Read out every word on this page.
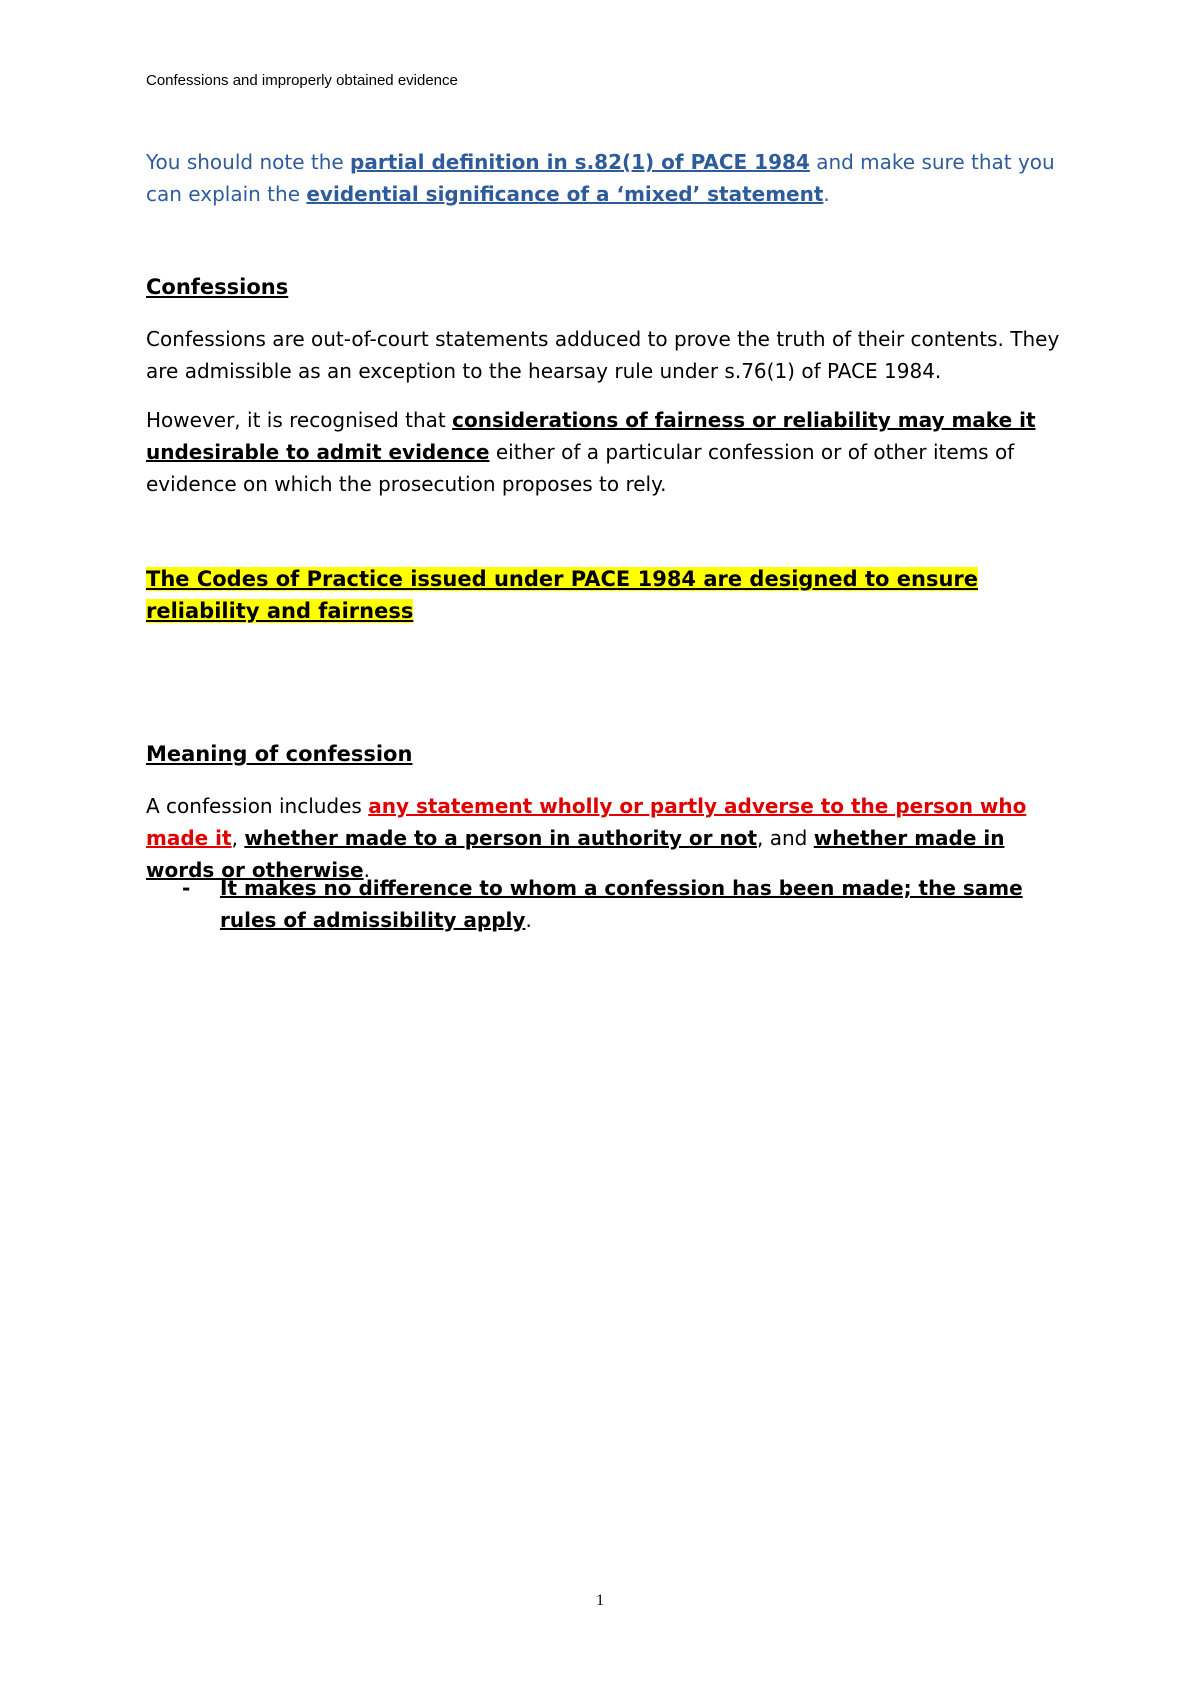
Confessions and improperly obtained evidence

You should note the partial definition in s.82(1) of PACE 1984 and make sure that you can explain the evidential significance of a ‘mixed’ statement.

Confessions

Confessions are out-of-court statements adduced to prove the truth of their contents. They are admissible as an exception to the hearsay rule under s.76(1) of PACE 1984.

However, it is recognised that considerations of fairness or reliability may make it undesirable to admit evidence either of a particular confession or of other items of evidence on which the prosecution proposes to rely.

The Codes of Practice issued under PACE 1984 are designed to ensure reliability and fairness

Meaning of confession

A confession includes any statement wholly or partly adverse to the person who made it, whether made to a person in authority or not, and whether made in words or otherwise.

- It makes no difference to whom a confession has been made; the same rules of admissibility apply.
1
